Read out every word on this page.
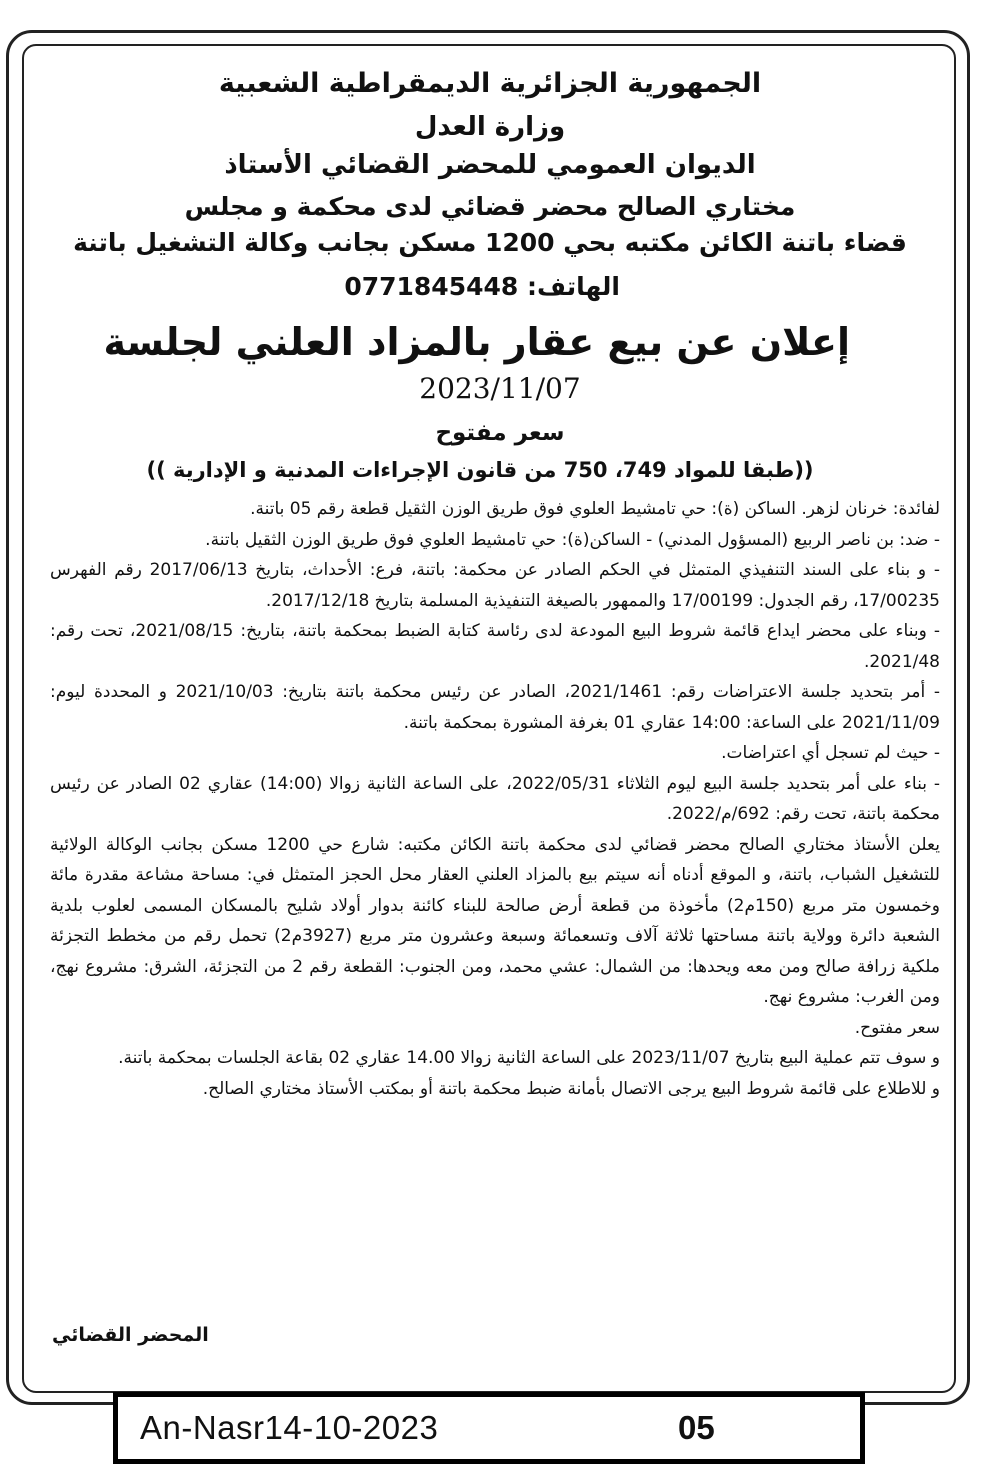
الجمهورية الجزائرية الديمقراطية الشعبية
وزارة العدل
الديوان العمومي للمحضر القضائي الأستاذ
مختاري الصالح محضر قضائي لدى محكمة و مجلس
قضاء باتنة الكائن مكتبه بحي 1200 مسكن بجانب وكالة التشغيل باتنة
الهاتف: 0771845448
إعلان عن بيع عقار بالمزاد العلني لجلسة
2023/11/07
سعر مفتوح
((طبقا للمواد 749، 750 من قانون الإجراءات المدنية و الإدارية ))

لفائدة: خرنان لزهر. الساكن (ة): حي تامشيط العلوي فوق طريق الوزن الثقيل قطعة رقم 05 باتنة.

- ضد: بن ناصر الربيع (المسؤول المدني) - الساكن(ة): حي تامشيط العلوي فوق طريق الوزن الثقيل باتنة.

- و بناء على السند التنفيذي المتمثل في الحكم الصادر عن محكمة: باتنة، فرع: الأحداث، بتاريخ 2017/06/13 رقم الفهرس 17/00235، رقم الجدول: 17/00199 والممهور بالصيغة التنفيذية المسلمة بتاريخ 2017/12/18.

- وبناء على محضر ايداع قائمة شروط البيع المودعة لدى رئاسة كتابة الضبط بمحكمة باتنة، بتاريخ: 2021/08/15، تحت رقم: 2021/48.

- أمر بتحديد جلسة الاعتراضات رقم: 2021/1461، الصادر عن رئيس محكمة باتنة بتاريخ: 2021/10/03 و المحددة ليوم: 2021/11/09 على الساعة: 14:00 عقاري 01 بغرفة المشورة بمحكمة باتنة.

- حيث لم تسجل أي اعتراضات.

- بناء على أمر بتحديد جلسة البيع ليوم الثلاثاء 2022/05/31، على الساعة الثانية زوالا (14:00) عقاري 02 الصادر عن رئيس محكمة باتنة، تحت رقم: 692/م/2022.

يعلن الأستاذ مختاري الصالح محضر قضائي لدى محكمة باتنة الكائن مكتبه: شارع حي 1200 مسكن بجانب الوكالة الولائية للتشغيل الشباب، باتنة، و الموقع أدناه أنه سيتم بيع بالمزاد العلني العقار محل الحجز المتمثل في: مساحة مشاعة مقدرة مائة وخمسون متر مربع (150م2) مأخوذة من قطعة أرض صالحة للبناء كائنة بدوار أولاد شليح بالمسكان المسمى لعلوب بلدية الشعبة دائرة وولاية باتنة مساحتها ثلاثة آلاف وتسعمائة وسبعة وعشرون متر مربع (3927م2) تحمل رقم من مخطط التجزئة ملكية زرافة صالح ومن معه ويحدها: من الشمال: عشي محمد، ومن الجنوب: القطعة رقم 2 من التجزئة، الشرق: مشروع نهج، ومن الغرب: مشروع نهج.

سعر مفتوح.

و سوف تتم عملية البيع بتاريخ 2023/11/07 على الساعة الثانية زوالا 14.00 عقاري 02 بقاعة الجلسات بمحكمة باتنة.

و للاطلاع على قائمة شروط البيع يرجى الاتصال بأمانة ضبط محكمة باتنة أو بمكتب الأستاذ مختاري الصالح.

المحضر القضائي
An-Nasr14-10-2023	05
